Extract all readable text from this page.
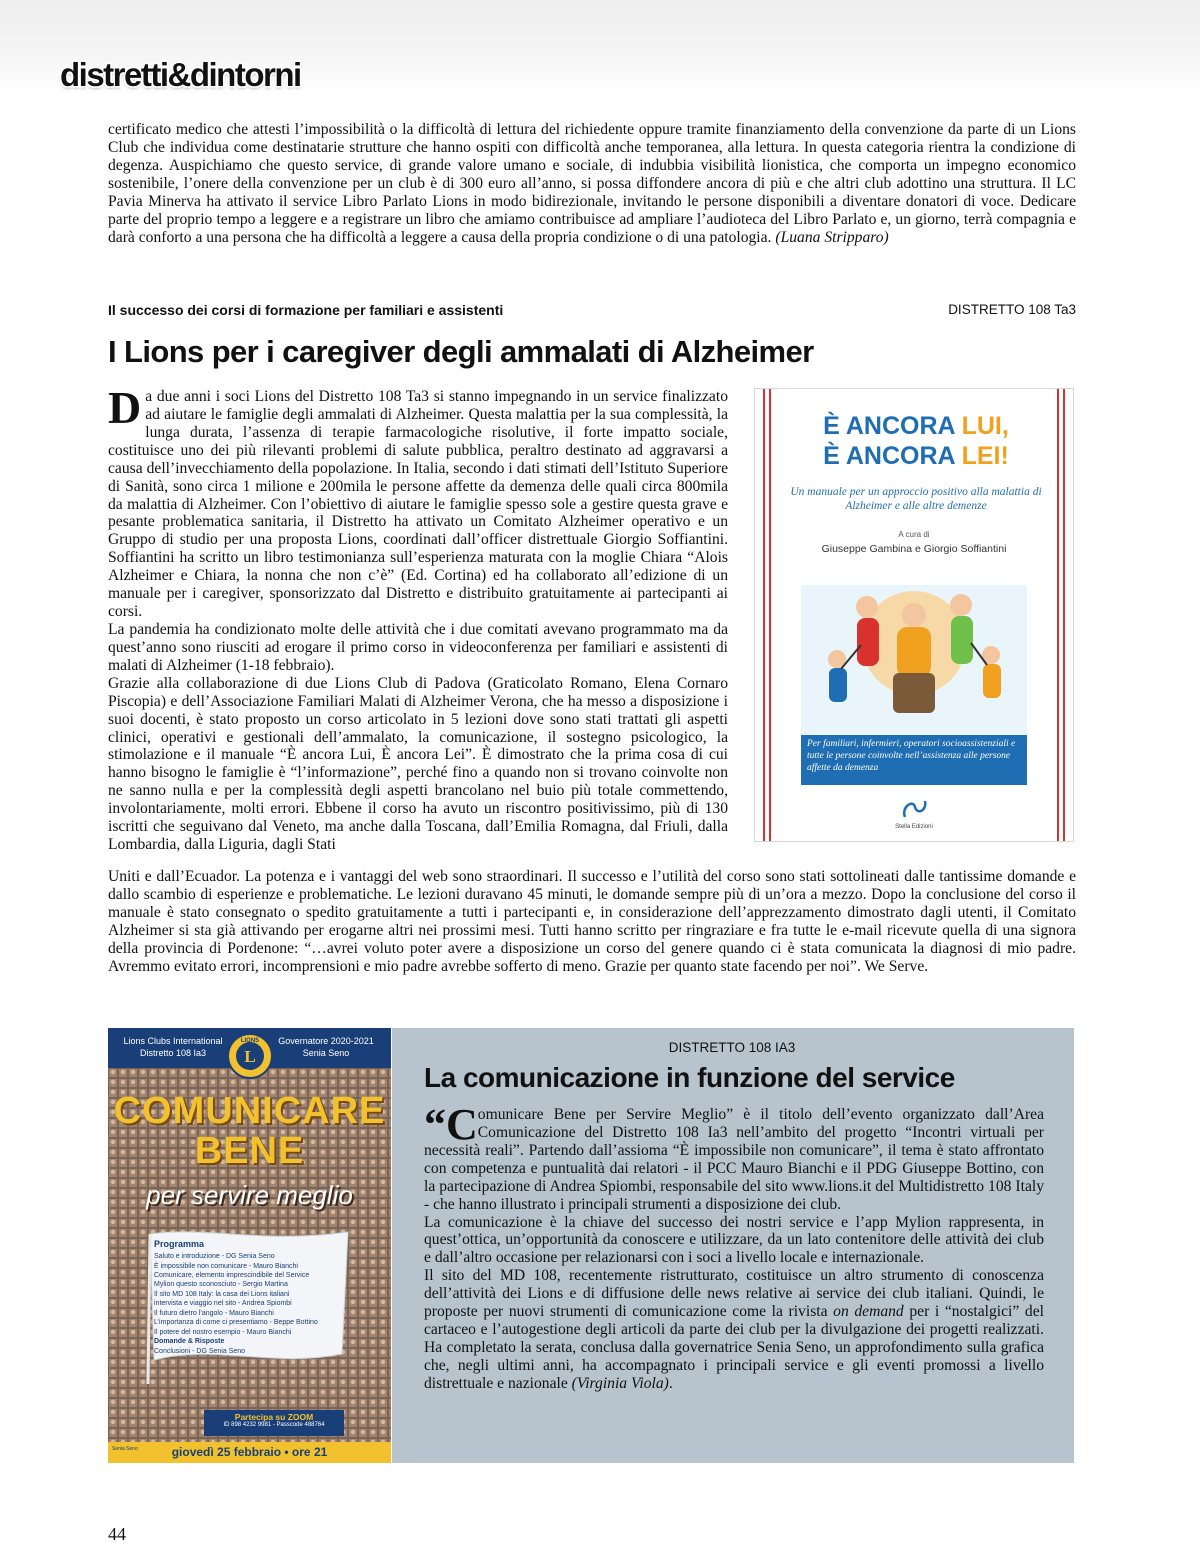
distretti&dintorni

certificato medico che attesti l’impossibilità o la difficoltà di lettura del richiedente oppure tramite finanziamento della convenzione da parte di un Lions Club che individua come destinatarie strutture che hanno ospiti con difficoltà anche temporanea, alla lettura. In questa categoria rientra la condizione di degenza. Auspichiamo che questo service, di grande valore umano e sociale, di indubbia visibilità lionistica, che comporta un impegno economico sostenibile, l’onere della convenzione per un club è di 300 euro all’anno, si possa diffondere ancora di più e che altri club adottino una struttura. Il LC Pavia Minerva ha attivato il service Libro Parlato Lions in modo bidirezionale, invitando le persone disponibili a diventare donatori di voce. Dedicare parte del proprio tempo a leggere e a registrare un libro che amiamo contribuisce ad ampliare l’audioteca del Libro Parlato e, un giorno, terrà compagnia e darà conforto a una persona che ha difficoltà a leggere a causa della propria condizione o di una patologia. (Luana Stripparo)

Il successo dei corsi di formazione per familiari e assistenti	DISTRETTO 108 Ta3
I Lions per i caregiver degli ammalati di Alzheimer

Da due anni i soci Lions del Distretto 108 Ta3 si stanno impegnando in un service finalizzato ad aiutare le famiglie degli ammalati di Alzheimer. Questa malattia per la sua complessità, la lunga durata, l’assenza di terapie farmacologiche risolutive, il forte impatto sociale, costituisce uno dei più rilevanti problemi di salute pubblica, peraltro destinato ad aggravarsi a causa dell’invecchiamento della popolazione. In Italia, secondo i dati stimati dell’Istituto Superiore di Sanità, sono circa 1 milione e 200mila le persone affette da demenza delle quali circa 800mila da malattia di Alzheimer. Con l’obiettivo di aiutare le famiglie spesso sole a gestire questa grave e pesante problematica sanitaria, il Distretto ha attivato un Comitato Alzheimer operativo e un Gruppo di studio per una proposta Lions, coordinati dall’officer distrettuale Giorgio Soffiantini. Soffiantini ha scritto un libro testimonianza sull’esperienza maturata con la moglie Chiara “Alois Alzheimer e Chiara, la nonna che non c’è” (Ed. Cortina) ed ha collaborato all’edizione di un manuale per i caregiver, sponsorizzato dal Distretto e distribuito gratuitamente ai partecipanti ai corsi.

La pandemia ha condizionato molte delle attività che i due comitati avevano programmato ma da quest’anno sono riusciti ad erogare il primo corso in videoconferenza per familiari e assistenti di malati di Alzheimer (1-18 febbraio).

Grazie alla collaborazione di due Lions Club di Padova (Graticolato Romano, Elena Cornaro Piscopia) e dell’Associazione Familiari Malati di Alzheimer Verona, che ha messo a disposizione i suoi docenti, è stato proposto un corso articolato in 5 lezioni dove sono stati trattati gli aspetti clinici, operativi e gestionali dell’ammalato, la comunicazione, il sostegno psicologico, la stimolazione e il manuale “È ancora Lui, È ancora Lei”. È dimostrato che la prima cosa di cui hanno bisogno le famiglie è “l’informazione”, perché fino a quando non si trovano coinvolte non ne sanno nulla e per la complessità degli aspetti brancolano nel buio più totale commettendo, involontariamente, molti errori. Ebbene il corso ha avuto un riscontro positivissimo, più di 130 iscritti che seguivano dal Veneto, ma anche dalla Toscana, dall’Emilia Romagna, dal Friuli, dalla Lombardia, dalla Liguria, dagli Stati

È ANCORA LUI,
È ANCORA LEI!
Un manuale per un approccio positivo alla malattia di Alzheimer e alle altre demenze
A cura di
Giuseppe Gambina e Giorgio Soffiantini
Per familiari, infermieri, operatori socioassistenziali e tutte le persone coinvolte nell’assistenza alle persone affette da demenza
Stella Edizioni

Uniti e dall’Ecuador. La potenza e i vantaggi del web sono straordinari. Il successo e l’utilità del corso sono stati sottolineati dalle tantissime domande e dallo scambio di esperienze e problematiche. Le lezioni duravano 45 minuti, le domande sempre più di un’ora a mezzo. Dopo la conclusione del corso il manuale è stato consegnato o spedito gratuitamente a tutti i partecipanti e, in considerazione dell’apprezzamento dimostrato dagli utenti, il Comitato Alzheimer si sta già attivando per erogarne altri nei prossimi mesi. Tutti hanno scritto per ringraziare e fra tutte le e-mail ricevute quella di una signora della provincia di Pordenone: “…avrei voluto poter avere a disposizione un corso del genere quando ci è stata comunicata la diagnosi di mio padre. Avremmo evitato errori, incomprensioni e mio padre avrebbe sofferto di meno. Grazie per quanto state facendo per noi”. We Serve.

Lions Clubs International
Distretto 108 Ia3	L
LIONS	Governatore 2020-2021
Senia Seno
COMUNICARE
BENE
per servire meglio
Programma
Saluto e introduzione - DG Senia Seno
È impossibile non comunicare - Mauro Bianchi
Comunicare, elemento imprescindibile del Service
Mylion questo sconosciuto - Sergio Martina
Il sito MD 108 Italy: la casa dei Lions italiani
intervista e viaggio nel sito - Andrea Spiombi
Il futuro dietro l’angolo - Mauro Bianchi
L’importanza di come ci presentiamo - Beppe Bottino
Il potere del nostro esempio - Mauro Bianchi
Domande & Risposte
Conclusioni - DG Senia Seno
Partecipa su ZOOM
ID 898 4232 9981 - Passcode 488764
giovedì 25 febbraio • ore 21
Senia Seno
DISTRETTO 108 IA3
La comunicazione in funzione del service

“Comunicare Bene per Servire Meglio” è il titolo dell’evento organizzato dall’Area Comunicazione del Distretto 108 Ia3 nell’ambito del progetto “Incontri virtuali per necessità reali”. Partendo dall’assioma “È impossibile non comunicare”, il tema è stato affrontato con competenza e puntualità dai relatori - il PCC Mauro Bianchi e il PDG Giuseppe Bottino, con la partecipazione di Andrea Spiombi, responsabile del sito www.lions.it del Multidistretto 108 Italy - che hanno illustrato i principali strumenti a disposizione dei club.

La comunicazione è la chiave del successo dei nostri service e l’app Mylion rappresenta, in quest’ottica, un’opportunità da conoscere e utilizzare, da un lato contenitore delle attività dei club e dall’altro occasione per relazionarsi con i soci a livello locale e internazionale.

Il sito del MD 108, recentemente ristrutturato, costituisce un altro strumento di conoscenza dell’attività dei Lions e di diffusione delle news relative ai service dei club italiani. Quindi, le proposte per nuovi strumenti di comunicazione come la rivista on demand per i “nostalgici” del cartaceo e l’autogestione degli articoli da parte dei club per la divulgazione dei progetti realizzati. Ha completato la serata, conclusa dalla governatrice Senia Seno, un approfondimento sulla grafica che, negli ultimi anni, ha accompagnato i principali service e gli eventi promossi a livello distrettuale e nazionale (Virginia Viola).

44
